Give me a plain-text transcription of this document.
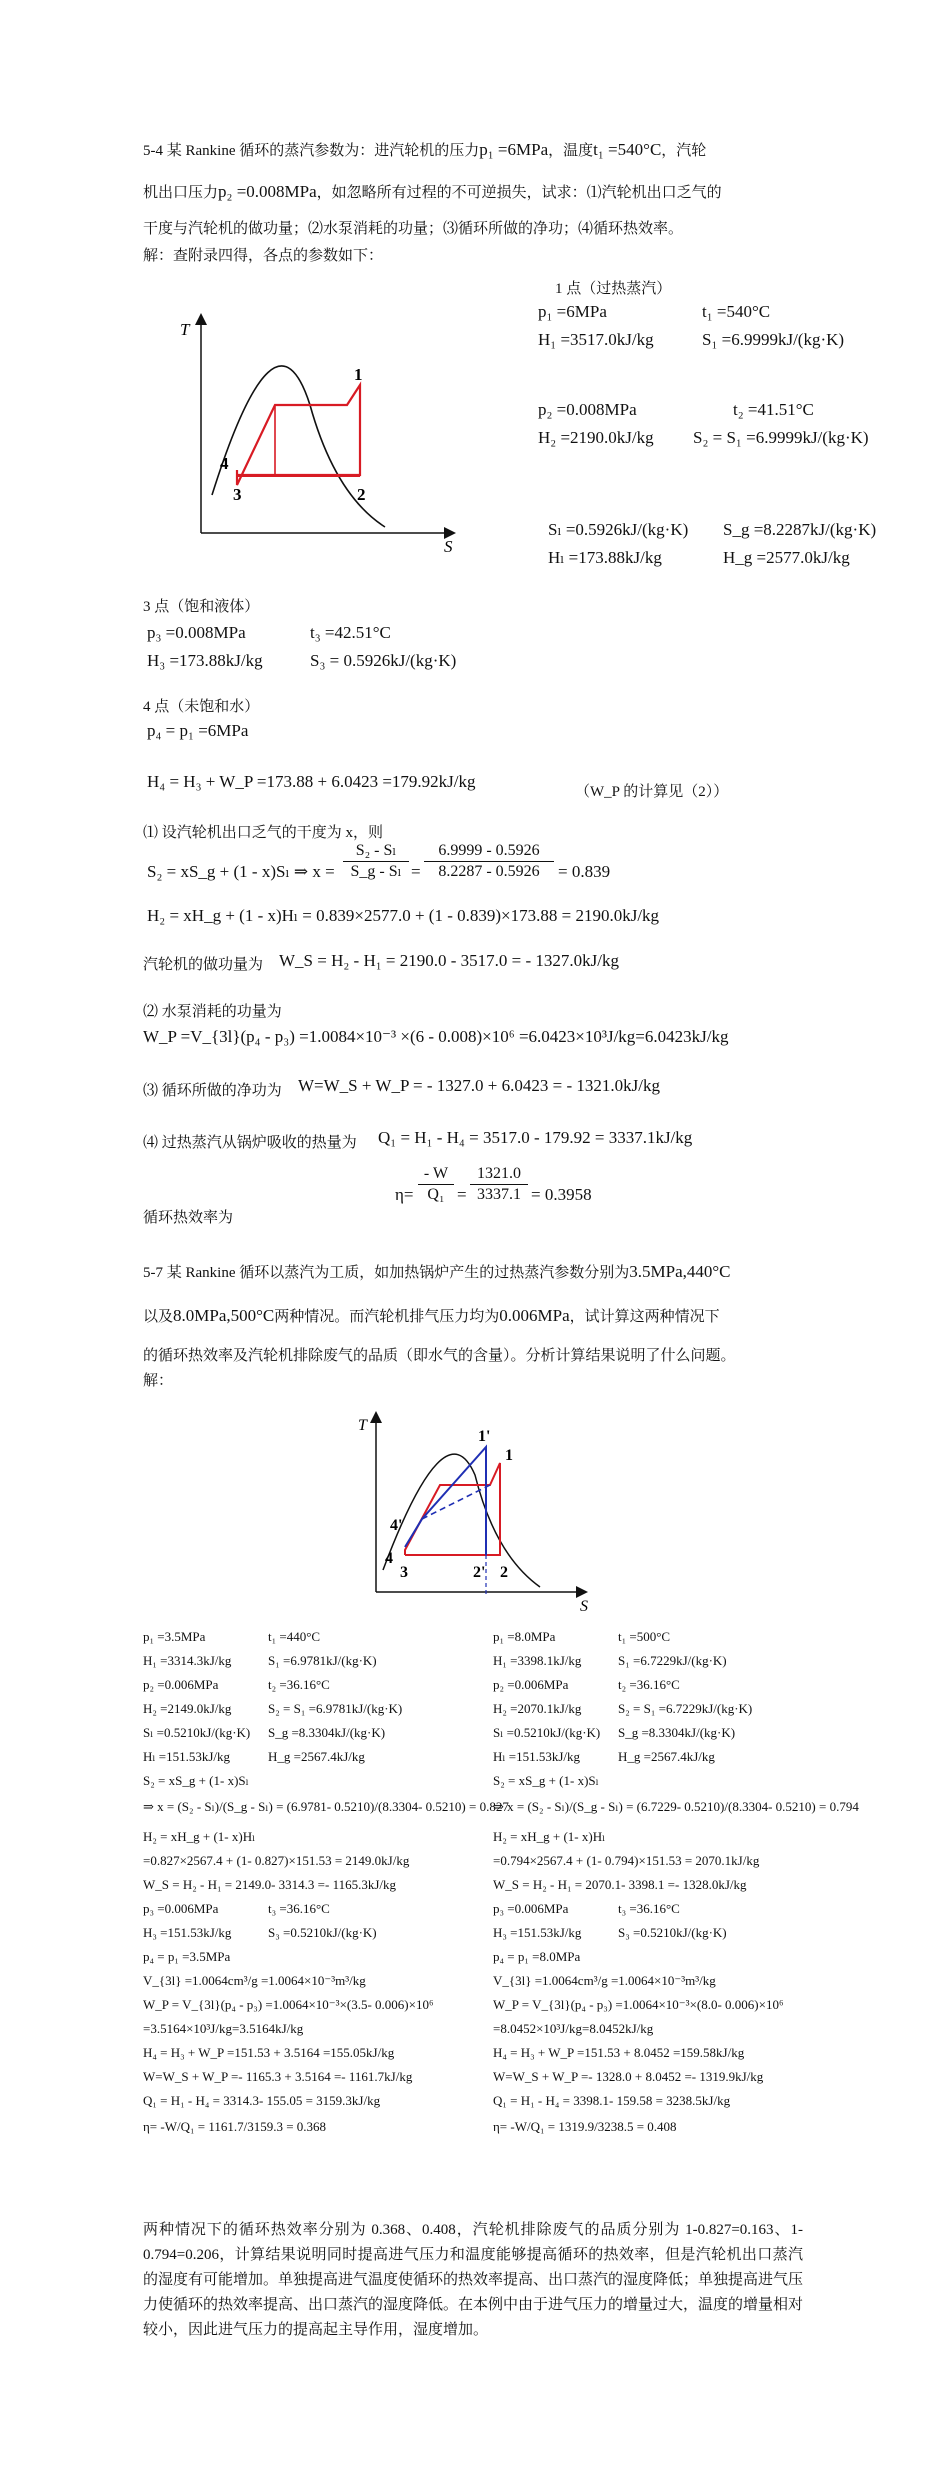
5-4 某 Rankine 循环的蒸汽参数为：进汽轮机的压力p₁ =6MPa，温度t₁ =540°C，汽轮
机出口压力p₂ =0.008MPa，如忽略所有过程的不可逆损失，试求：⑴汽轮机出口乏气的
干度与汽轮机的做功量；⑵水泵消耗的功量；⑶循环所做的净功；⑷循环热效率。
解：查附录四得，各点的参数如下：
T
S
1
2
3
4
1 点（过热蒸汽）
p₁ =6MPa	t₁ =540°C
H₁ =3517.0kJ/kg	S₁ =6.9999kJ/(kg·K)
p₂ =0.008MPa	t₂ =41.51°C
H₂ =2190.0kJ/kg S₂ = S₁ =6.9999kJ/(kg·K)
Sₗ =0.5926kJ/(kg·K) S_g =8.2287kJ/(kg·K)
Hₗ =173.88kJ/kg	H_g =2577.0kJ/kg
3 点（饱和液体）
p₃ =0.008MPa	t₃ =42.51°C
H₃ =173.88kJ/kg	S₃ = 0.5926kJ/(kg·K)
4 点（未饱和水）
p₄ = p₁ =6MPa
H₄ = H₃ + W_P =173.88 + 6.0423 =179.92kJ/kg
（W_P 的计算见（2））
⑴ 设汽轮机出口乏气的干度为 x，则
S₂ = xS_g + (1 - x)Sₗ ⇒ x =
S₂ - Sₗ
S_g - Sₗ =
6.9999 - 0.5926
8.2287 - 0.5926	= 0.839
H₂ = xH_g + (1 - x)Hₗ = 0.839×2577.0 + (1 - 0.839)×173.88 = 2190.0kJ/kg
汽轮机的做功量为 W_S = H₂ - H₁ = 2190.0 - 3517.0 = - 1327.0kJ/kg
⑵ 水泵消耗的功量为
W_P =V_{3l}(p₄ - p₃) =1.0084×10⁻³ ×(6 - 0.008)×10⁶ =6.0423×10³J/kg=6.0423kJ/kg
⑶ 循环所做的净功为 W=W_S + W_P = - 1327.0 + 6.0423 = - 1321.0kJ/kg
⑷ 过热蒸汽从锅炉吸收的热量为 Q₁ = H₁ - H₄ = 3517.0 - 179.92 = 3337.1kJ/kg
η=
- W
Q₁ =
1321.0
3337.1 = 0.3958
循环热效率为
5-7 某 Rankine 循环以蒸汽为工质，如加热锅炉产生的过热蒸汽参数分别为3.5MPa,440°C
以及8.0MPa,500°C两种情况。而汽轮机排气压力均为0.006MPa，试计算这两种情况下
的循环热效率及汽轮机排除废气的品质（即水气的含量）。分析计算结果说明了什么问题。
解：
T
S
1
1'
2
2'
3
4
4'
p₁ =3.5MPa	t₁ =440°C
H₁ =3314.3kJ/kg	S₁ =6.9781kJ/(kg·K)
p₂ =0.006MPa	t₂ =36.16°C
H₂ =2149.0kJ/kg	S₂ = S₁ =6.9781kJ/(kg·K)
Sₗ =0.5210kJ/(kg·K) S_g =8.3304kJ/(kg·K)
Hₗ =151.53kJ/kg	H_g =2567.4kJ/kg
S₂ = xS_g + (1- x)Sₗ
⇒ x = (S₂ - Sₗ)/(S_g - Sₗ) = (6.9781- 0.5210)/(8.3304- 0.5210) = 0.827
H₂ = xH_g + (1- x)Hₗ
=0.827×2567.4 + (1- 0.827)×151.53 = 2149.0kJ/kg
W_S = H₂ - H₁ = 2149.0- 3314.3 =- 1165.3kJ/kg
p₃ =0.006MPa	t₃ =36.16°C
H₃ =151.53kJ/kg	S₃ =0.5210kJ/(kg·K)
p₄ = p₁ =3.5MPa
V_{3l} =1.0064cm³/g =1.0064×10⁻³m³/kg
W_P = V_{3l}(p₄ - p₃) =1.0064×10⁻³×(3.5- 0.006)×10⁶
=3.5164×10³J/kg=3.5164kJ/kg
H₄ = H₃ + W_P =151.53 + 3.5164 =155.05kJ/kg
W=W_S + W_P =- 1165.3 + 3.5164 =- 1161.7kJ/kg
Q₁ = H₁ - H₄ = 3314.3- 155.05 = 3159.3kJ/kg
η= -W/Q₁ = 1161.7/3159.3 = 0.368
p₁ =8.0MPa	t₁ =500°C
H₁ =3398.1kJ/kg	S₁ =6.7229kJ/(kg·K)
p₂ =0.006MPa	t₂ =36.16°C
H₂ =2070.1kJ/kg	S₂ = S₁ =6.7229kJ/(kg·K)
Sₗ =0.5210kJ/(kg·K) S_g =8.3304kJ/(kg·K)
Hₗ =151.53kJ/kg	H_g =2567.4kJ/kg
S₂ = xS_g + (1- x)Sₗ
⇒ x = (S₂ - Sₗ)/(S_g - Sₗ) = (6.7229- 0.5210)/(8.3304- 0.5210) = 0.794
H₂ = xH_g + (1- x)Hₗ
=0.794×2567.4 + (1- 0.794)×151.53 = 2070.1kJ/kg
W_S = H₂ - H₁ = 2070.1- 3398.1 =- 1328.0kJ/kg
p₃ =0.006MPa	t₃ =36.16°C
H₃ =151.53kJ/kg	S₃ =0.5210kJ/(kg·K)
p₄ = p₁ =8.0MPa
V_{3l} =1.0064cm³/g =1.0064×10⁻³m³/kg
W_P = V_{3l}(p₄ - p₃) =1.0064×10⁻³×(8.0- 0.006)×10⁶
=8.0452×10³J/kg=8.0452kJ/kg
H₄ = H₃ + W_P =151.53 + 8.0452 =159.58kJ/kg
W=W_S + W_P =- 1328.0 + 8.0452 =- 1319.9kJ/kg
Q₁ = H₁ - H₄ = 3398.1- 159.58 = 3238.5kJ/kg
η= -W/Q₁ = 1319.9/3238.5 = 0.408
两种情况下的循环热效率分别为 0.368、0.408，汽轮机排除废气的品质分别为 1-0.827=0.163、1-0.794=0.206，计算结果说明同时提高进气压力和温度能够提高循环的热效率，但是汽轮机出口蒸汽的湿度有可能增加。单独提高进气温度使循环的热效率提高、出口蒸汽的湿度降低；单独提高进气压力使循环的热效率提高、出口蒸汽的湿度降低。在本例中由于进气压力的增量过大，温度的增量相对较小，因此进气压力的提高起主导作用，湿度增加。
